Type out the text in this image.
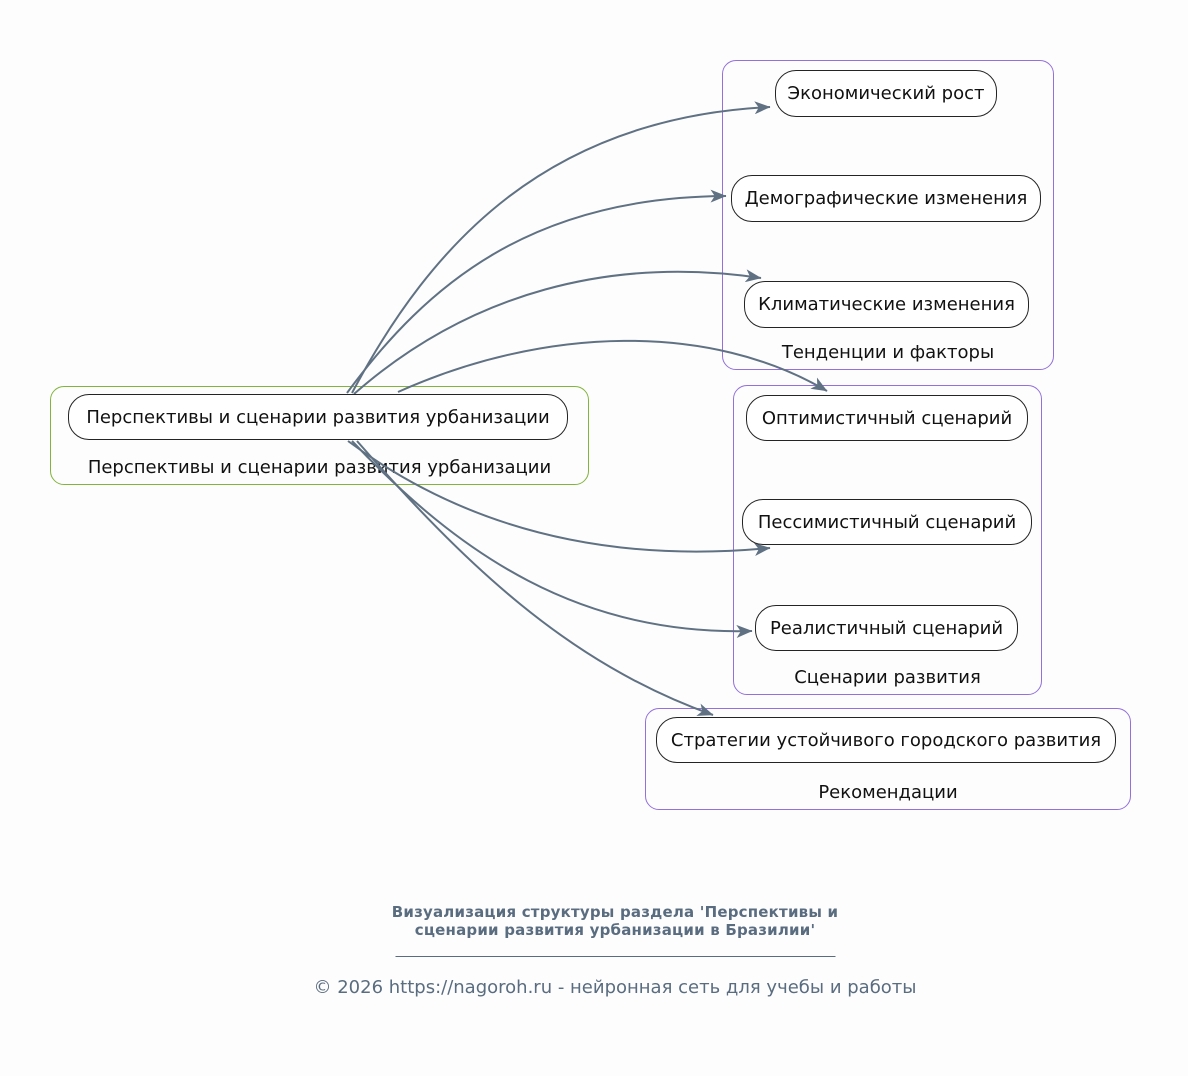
Перспективы и сценарии развития урбанизации
Тенденции и факторы
Сценарии развития
Рекомендации
Перспективы и сценарии развития урбанизации
Экономический рост
Демографические изменения
Климатические изменения
Оптимистичный сценарий
Пессимистичный сценарий
Реалистичный сценарий
Стратегии устойчивого городского развития
Визуализация структуры раздела 'Перспективы и
сценарии развития урбанизации в Бразилии'
© 2026 https://nagoroh.ru - нейронная сеть для учебы и работы
